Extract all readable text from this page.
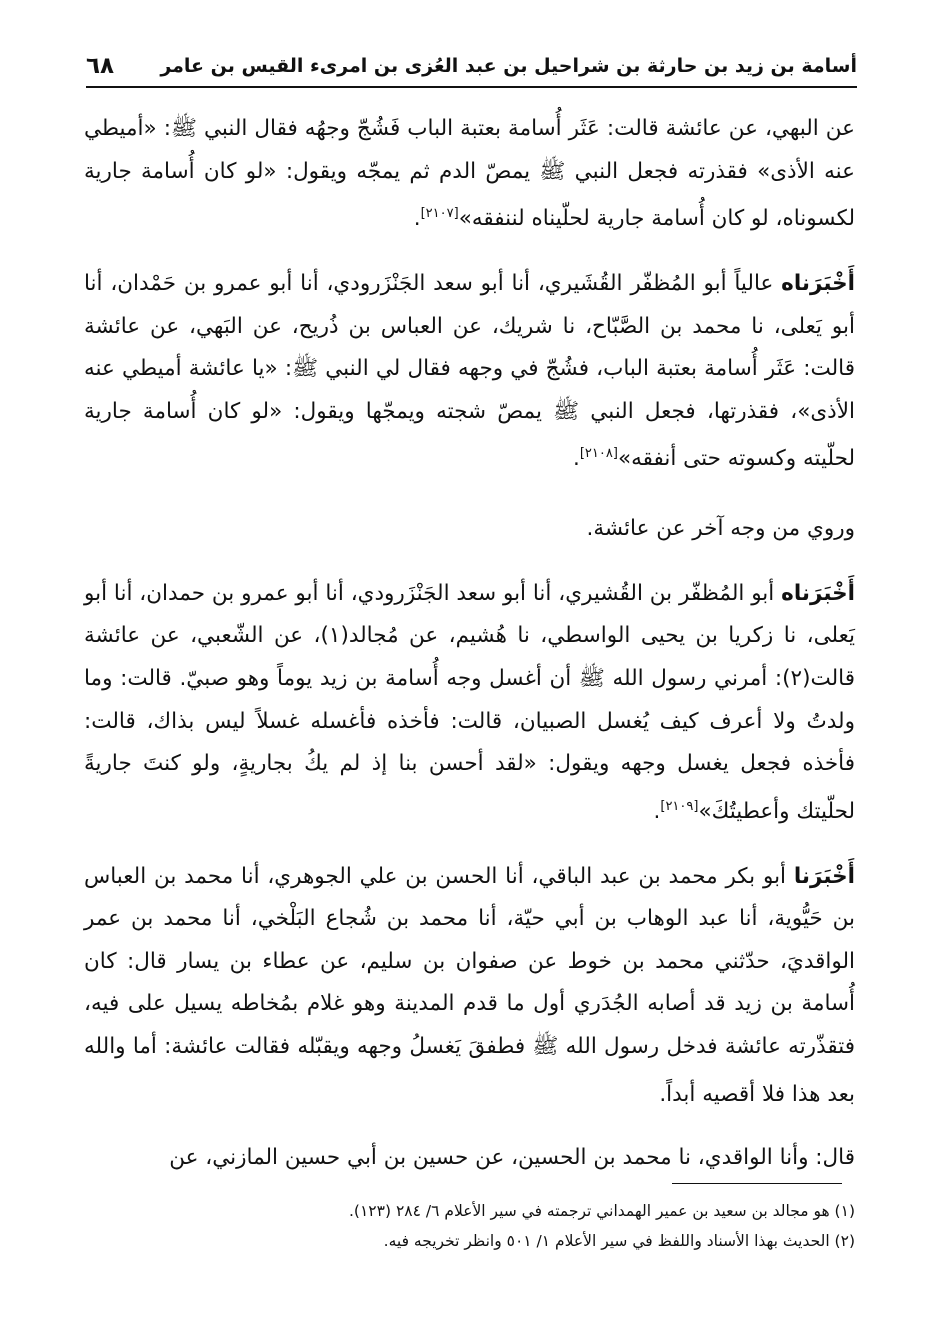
أسامة بن زيد بن حارثة بن شراحيل بن عبد العُزى بن امرىء القيس بن عامر
٦٨

عن البهي، عن عائشة قالت: عَثَر أُسامة بعتبة الباب فَشُجّ وجهُه فقال النبي ﷺ: «أميطي عنه الأذى» فقذرته فجعل النبي ﷺ يمصّ الدم ثم يمجّه ويقول: «لو كان أُسامة جارية لكسوناه، لو كان أُسامة جارية لحلّيناه لننفقه»[٢١٠٧].

أَخْبَرَناه عالياً أبو المُظفّر القُشَيري، أنا أبو سعد الجَنْزَرودي، أنا أبو عمرو بن حَمْدان، أنا أبو يَعلى، نا محمد بن الصَّبّاح، نا شريك، عن العباس بن ذُريح، عن البَهي، عن عائشة قالت: عَثَر أُسامة بعتبة الباب، فشُجّ في وجهه فقال لي النبي ﷺ: «يا عائشة أميطي عنه الأذى»، فقذرتها، فجعل النبي ﷺ يمصّ شجته ويمجّها ويقول: «لو كان أُسامة جارية لحلّيته وكسوته حتى أنفقه»[٢١٠٨].

وروي من وجه آخر عن عائشة.

أَخْبَرَناه أبو المُظفّر بن القُشيري، أنا أبو سعد الجَنْزَرودي، أنا أبو عمرو بن حمدان، أنا أبو يَعلى، نا زكريا بن يحيى الواسطي، نا هُشيم، عن مُجالد(١)، عن الشّعبي، عن عائشة قالت(٢): أمرني رسول الله ﷺ أن أغسل وجه أُسامة بن زيد يوماً وهو صبيّ. قالت: وما ولدتُ ولا أعرف كيف يُغسل الصبيان، قالت: فأخذه فأغسله غسلاً ليس بذاك، قالت: فأخذه فجعل يغسل وجهه ويقول: «لقد أحسن بنا إذ لم يكُ بجاريةٍ، ولو كنتَ جاريةً لحلّيتك وأعطيتُكَ»[٢١٠٩].

أَخْبَرَنا أبو بكر محمد بن عبد الباقي، أنا الحسن بن علي الجوهري، أنا محمد بن العباس بن حَيُّوية، أنا عبد الوهاب بن أبي حيّة، أنا محمد بن شُجاع البَلْخي، أنا محمد بن عمر الواقديَ، حدّثني محمد بن خوط عن صفوان بن سليم، عن عطاء بن يسار قال: كان أُسامة بن زيد قد أصابه الجُدَري أول ما قدم المدينة وهو غلام بمُخاطه يسيل على فيه، فتقذّرته عائشة فدخل رسول الله ﷺ فطفقَ يَغسلُ وجهه ويقبّله فقالت عائشة: أما والله بعد هذا فلا أقصيه أبداً.

قال: وأنا الواقدي، نا محمد بن الحسين، عن حسين بن أبي حسين المازني، عن

(١) هو مجالد بن سعيد بن عمير الهمداني ترجمته في سير الأعلام ٦/ ٢٨٤ (١٢٣).
(٢) الحديث بهذا الأسناد واللفظ في سير الأعلام ١/ ٥٠١ وانظر تخريجه فيه.
